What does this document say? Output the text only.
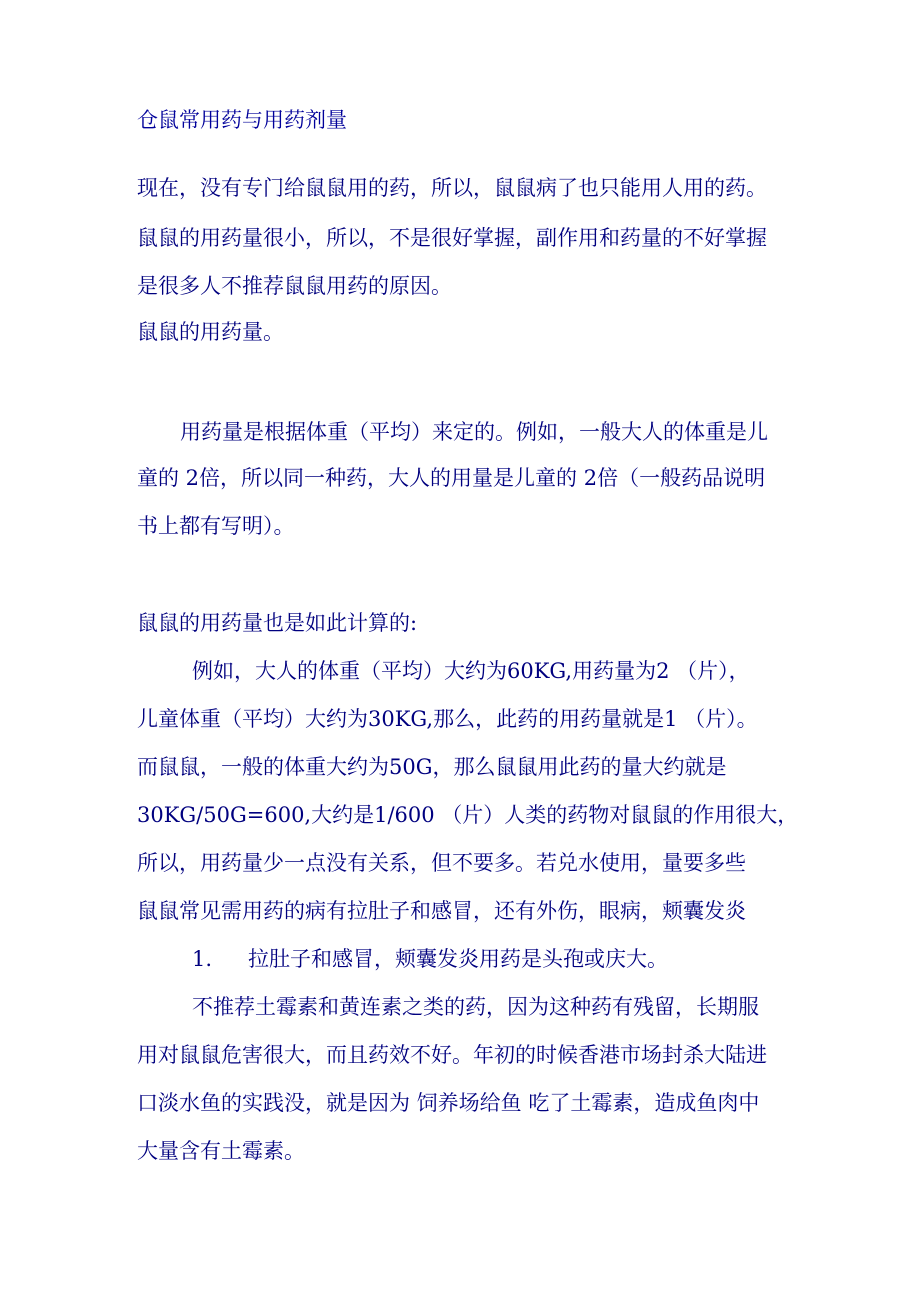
仓鼠常用药与用药剂量
现在，没有专门给鼠鼠用的药，所以，鼠鼠病了也只能用人用的药。
鼠鼠的用药量很小，所以，不是很好掌握，副作用和药量的不好掌握
是很多人不推荐鼠鼠用药的原因。
鼠鼠的用药量。
用药量是根据体重（平均）来定的。例如，一般大人的体重是儿
童的 2倍，所以同一种药，大人的用量是儿童的 2倍（一般药品说明
书上都有写明）。
鼠鼠的用药量也是如此计算的:
例如，大人的体重（平均）大约为60KG,用药量为2 （片），
儿童体重（平均）大约为30KG,那么，此药的用药量就是1 （片）。
而鼠鼠，一般的体重大约为50G，那么鼠鼠用此药的量大约就是
30KG/50G=600,大约是1/600 （片）人类的药物对鼠鼠的作用很大，
所以，用药量少一点没有关系，但不要多。若兑水使用，量要多些
鼠鼠常见需用药的病有拉肚子和感冒，还有外伤，眼病，颊囊发炎
1. 拉肚子和感冒，颊囊发炎用药是头孢或庆大。
不推荐土霉素和黄连素之类的药，因为这种药有残留，长期服
用对鼠鼠危害很大，而且药效不好。年初的时候香港市场封杀大陆进
口淡水鱼的实践没，就是因为 饲养场给鱼 吃了土霉素，造成鱼肉中
大量含有土霉素。
